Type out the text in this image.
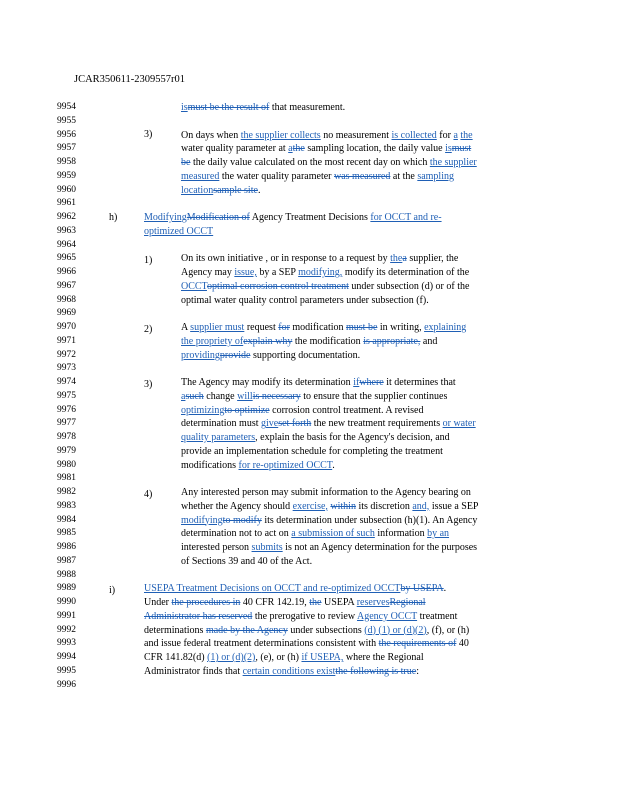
JCAR350611-2309557r01
9954
9955
9956
9957
9958
9959
9960
9961
9962
9963
9964
9965
9966
9967
9968
9969
9970
9971
9972
9973
9974
9975
9976
9977
9978
9979
9980
9981
9982
9983
9984
9985
9986
9987
9988
9989
9990
9991
9992
9993
9994
9995
9996
3)
h)
1)
2)
3)
4)
i)
ismust be the result of that measurement.
On days when the supplier collects no measurement is collected for a the
water quality parameter at athe sampling location, the daily value ismust
be the daily value calculated on the most recent day on which the supplier
measured the water quality parameter was measured at the sampling
locationsample site.
ModifyingModification of Agency Treatment Decisions for OCCT and re-
optimized OCCT
On its own initiative , or in response to a request by thea supplier, the
Agency may issue, by a SEP modifying, modify its determination of the
OCCToptimal corrosion control treatment under subsection (d) or of the
optimal water quality control parameters under subsection (f).
A supplier must request for modification must be in writing, explaining
the propriety ofexplain why the modification is appropriate, and
providingprovide supporting documentation.
The Agency may modify its determination ifwhere it determines that
asuch change willis necessary to ensure that the supplier continues
optimizingto optimize corrosion control treatment. A revised
determination must giveset forth the new treatment requirements or water
quality parameters, explain the basis for the Agency's decision, and
provide an implementation schedule for completing the treatment
modifications for re-optimized OCCT.
Any interested person may submit information to the Agency bearing on
whether the Agency should exercise, within its discretion and, issue a SEP
modifyingto modify its determination under subsection (h)(1). An Agency
determination not to act on a submission of such information by an
interested person submits is not an Agency determination for the purposes
of Sections 39 and 40 of the Act.
USEPA Treatment Decisions on OCCT and re-optimized OCCTby USEPA.
Under the procedures in 40 CFR 142.19, the USEPA reservesRegional
Administrator has reserved the prerogative to review Agency OCCT treatment
determinations made by the Agency under subsections (d) (1) or (d)(2), (f), or (h)
and issue federal treatment determinations consistent with the requirements of 40
CFR 141.82(d) (1) or (d)(2), (e), or (h) if USEPA, where the Regional
Administrator finds that certain conditions existthe following is true:
